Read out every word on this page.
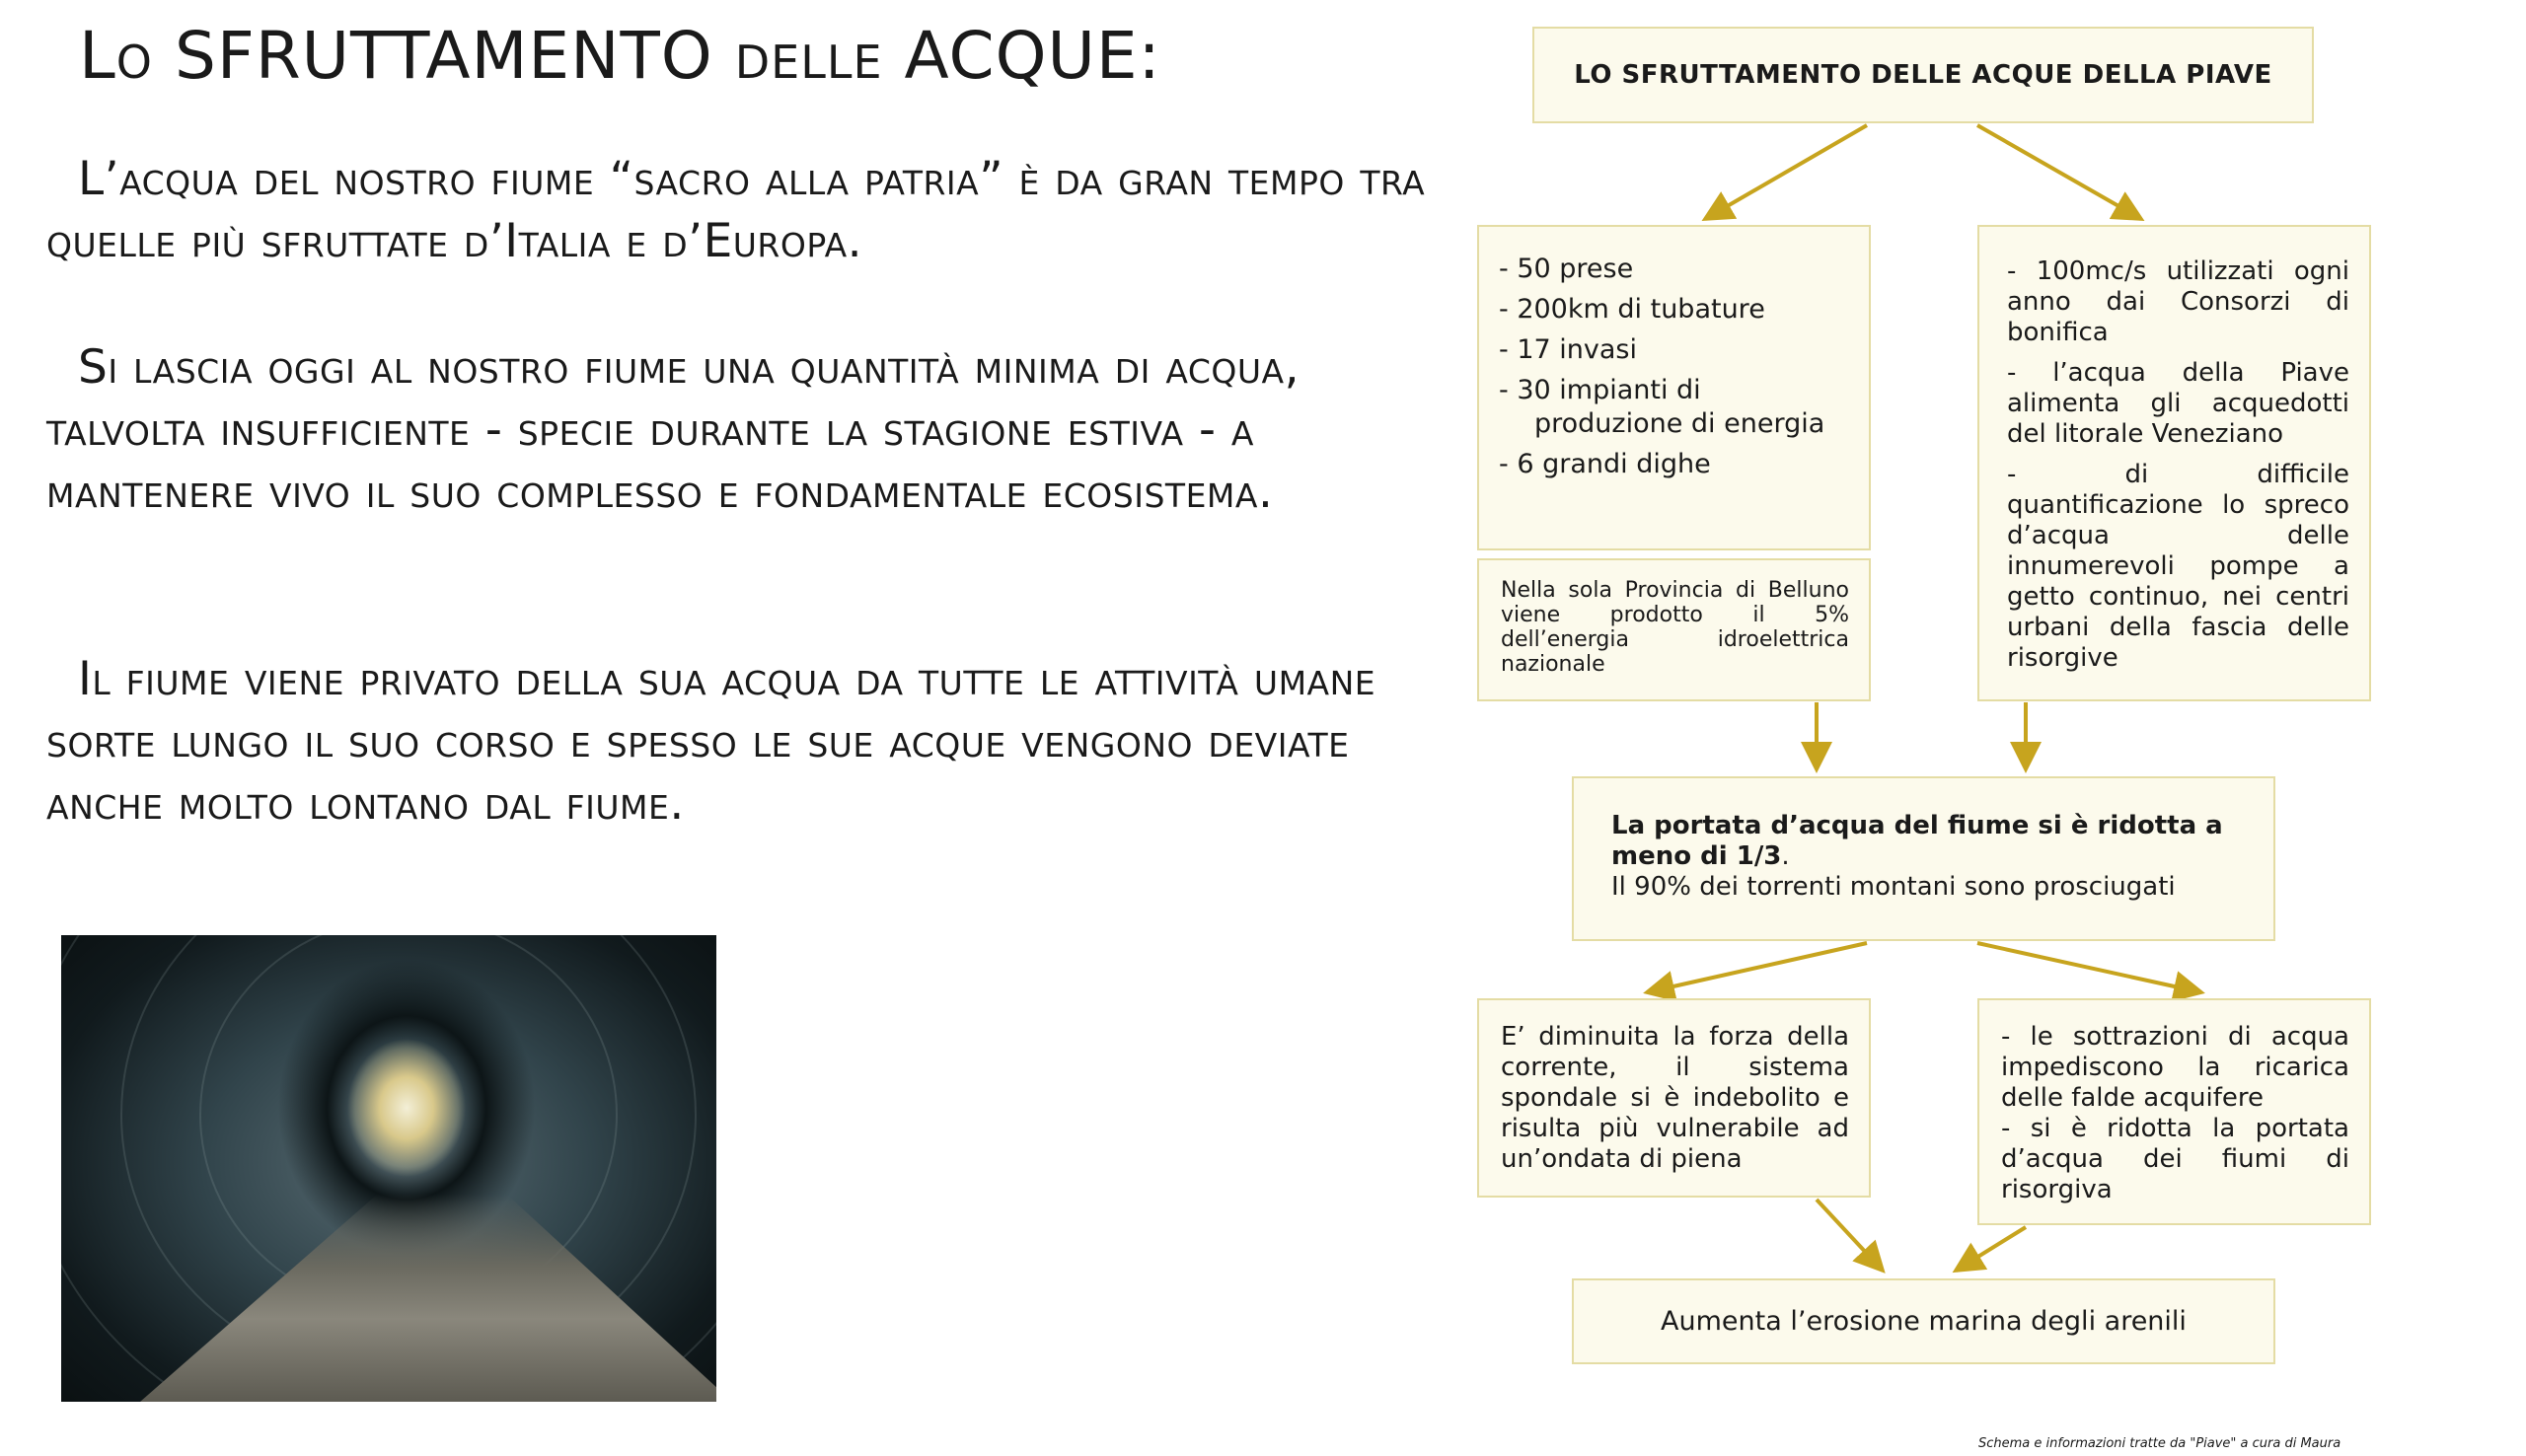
Lo SFRUTTAMENTO delle ACQUE:

L’acqua del nostro fiume “sacro alla patria” è da gran tempo tra quelle più sfruttate d’Italia e d’Europa.

Si lascia oggi al nostro fiume una quantità minima di acqua, talvolta insufficiente - specie durante la stagione estiva - a mantenere vivo il suo complesso e fondamentale ecosistema.

Il fiume viene privato della sua acqua da tutte le attività umane sorte lungo il suo corso e spesso le sue acque vengono deviate anche molto lontano dal fiume.

LO SFRUTTAMENTO DELLE ACQUE DELLA PIAVE
- 50 prese
- 200km di tubature
- 17 invasi
- 30 impianti di
produzione di energia
- 6 grandi dighe
Nella sola Provincia di Belluno viene prodotto il 5% dell’energia idroelettrica nazionale
- 100mc/s utilizzati ogni anno dai Consorzi di bonifica
- l’acqua della Piave alimenta gli acquedotti del litorale Veneziano
- di difficile quantificazione lo spreco d’acqua delle innumerevoli pompe a getto continuo, nei centri urbani della fascia delle risorgive
La portata d’acqua del fiume si è ridotta a meno di 1/3.
Il 90% dei torrenti montani sono prosciugati
E’ diminuita la forza della corrente, il sistema spondale si è indebolito e risulta più vulnerabile ad un’ondata di piena
- le sottrazioni di acqua impediscono la ricarica delle falde acquifere
- si è ridotta la portata d’acqua dei fiumi di risorgiva
Aumenta l’erosione marina degli arenili
Schema e informazioni tratte da "Piave" a cura di Maura
